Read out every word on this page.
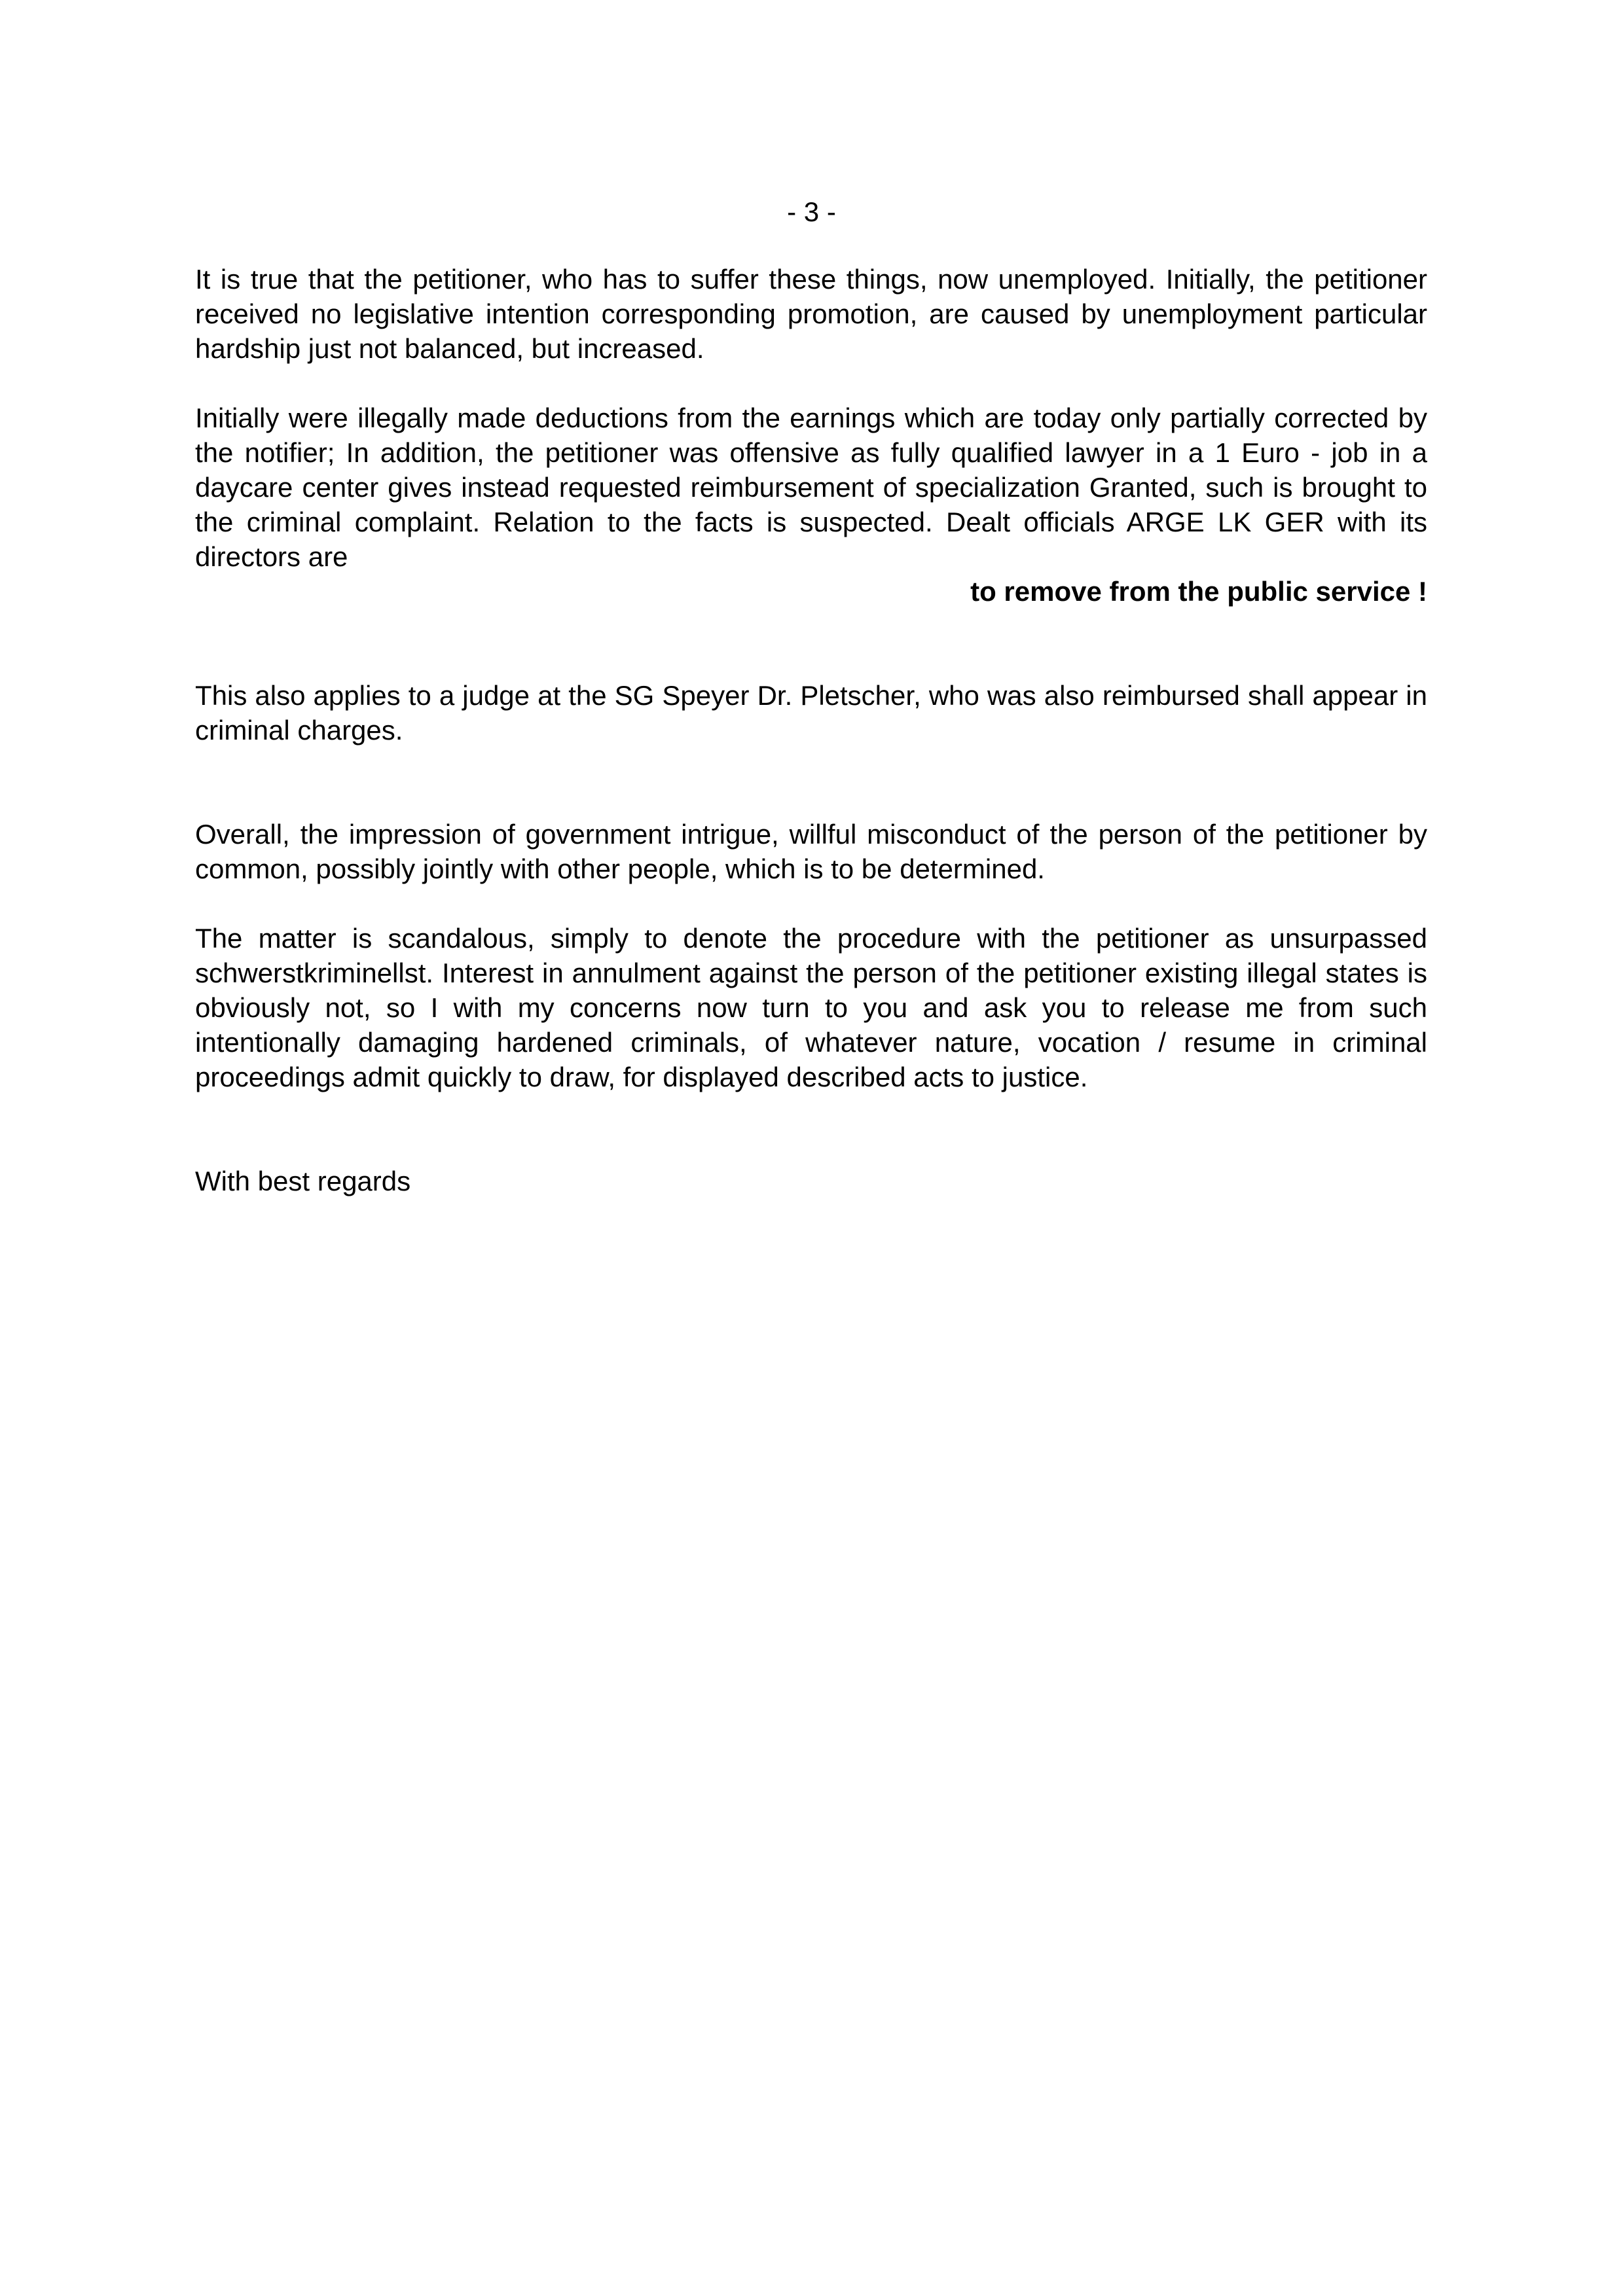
- 3 -

It is true that the petitioner, who has to suffer these things, now unemployed. Initially, the petitioner received no legislative intention corresponding promotion, are caused by unemployment particular hardship just not balanced, but increased.

Initially were illegally made deductions from the earnings which are today only partially corrected by the notifier; In addition, the petitioner was offensive as fully qualified lawyer in a 1 Euro - job in a daycare center gives instead requested reimbursement of specialization Granted, such is brought to the criminal complaint. Relation to the facts is suspected. Dealt officials ARGE LK GER with its directors are

to remove from the public service !

This also applies to a judge at the SG Speyer Dr. Pletscher, who was also reimbursed shall appear in criminal charges.

Overall, the impression of government intrigue, willful misconduct of the person of the petitioner by common, possibly jointly with other people, which is to be determined.

The matter is scandalous, simply to denote the procedure with the petitioner as unsurpassed schwerstkriminellst. Interest in annulment against the person of the petitioner existing illegal states is obviously not, so I with my concerns now turn to you and ask you to release me from such intentionally damaging hardened criminals, of whatever nature, vocation / resume in criminal proceedings admit quickly to draw, for displayed described acts to justice.

With best regards
